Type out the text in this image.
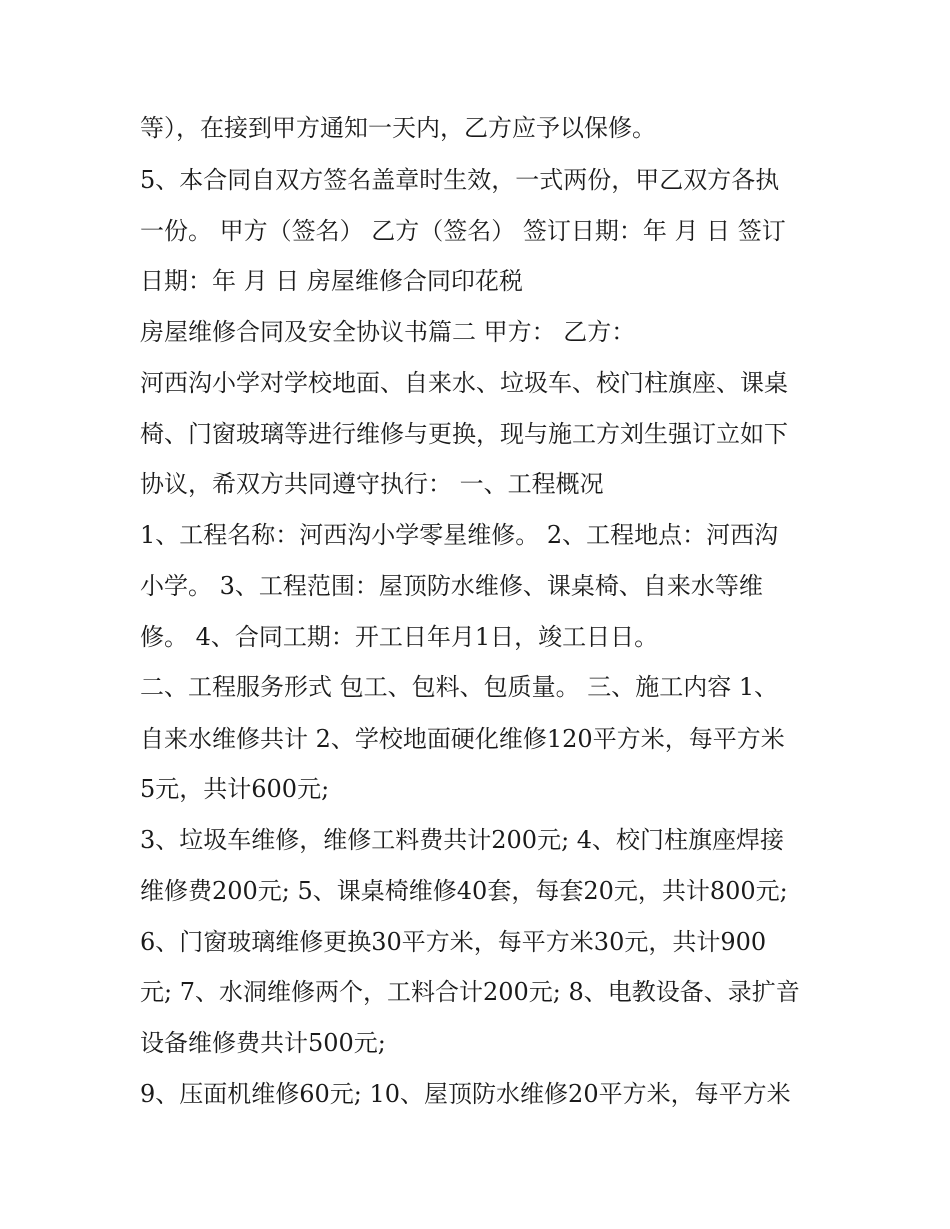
等），在接到甲方通知一天内，乙方应予以保修。
5、本合同自双方签名盖章时生效，一式两份，甲乙双方各执
一份。 甲方（签名） 乙方（签名） 签订日期：年 月 日 签订
日期：年 月 日 房屋维修合同印花税
房屋维修合同及安全协议书篇二 甲方： 乙方：
河西沟小学对学校地面、自来水、垃圾车、校门柱旗座、课桌
椅、门窗玻璃等进行维修与更换，现与施工方刘生强订立如下
协议，希双方共同遵守执行： 一、工程概况
1、工程名称：河西沟小学零星维修。 2、工程地点：河西沟
小学。 3、工程范围：屋顶防水维修、课桌椅、自来水等维
修。 4、合同工期：开工日年月1日，竣工日日。
二、工程服务形式 包工、包料、包质量。 三、施工内容 1、
自来水维修共计 2、学校地面硬化维修120平方米，每平方米
5元，共计600元;
3、垃圾车维修，维修工料费共计200元; 4、校门柱旗座焊接
维修费200元; 5、课桌椅维修40套，每套20元，共计800元;
6、门窗玻璃维修更换30平方米，每平方米30元，共计900
元; 7、水洞维修两个，工料合计200元; 8、电教设备、录扩音
设备维修费共计500元;
9、压面机维修60元; 10、屋顶防水维修20平方米，每平方米
